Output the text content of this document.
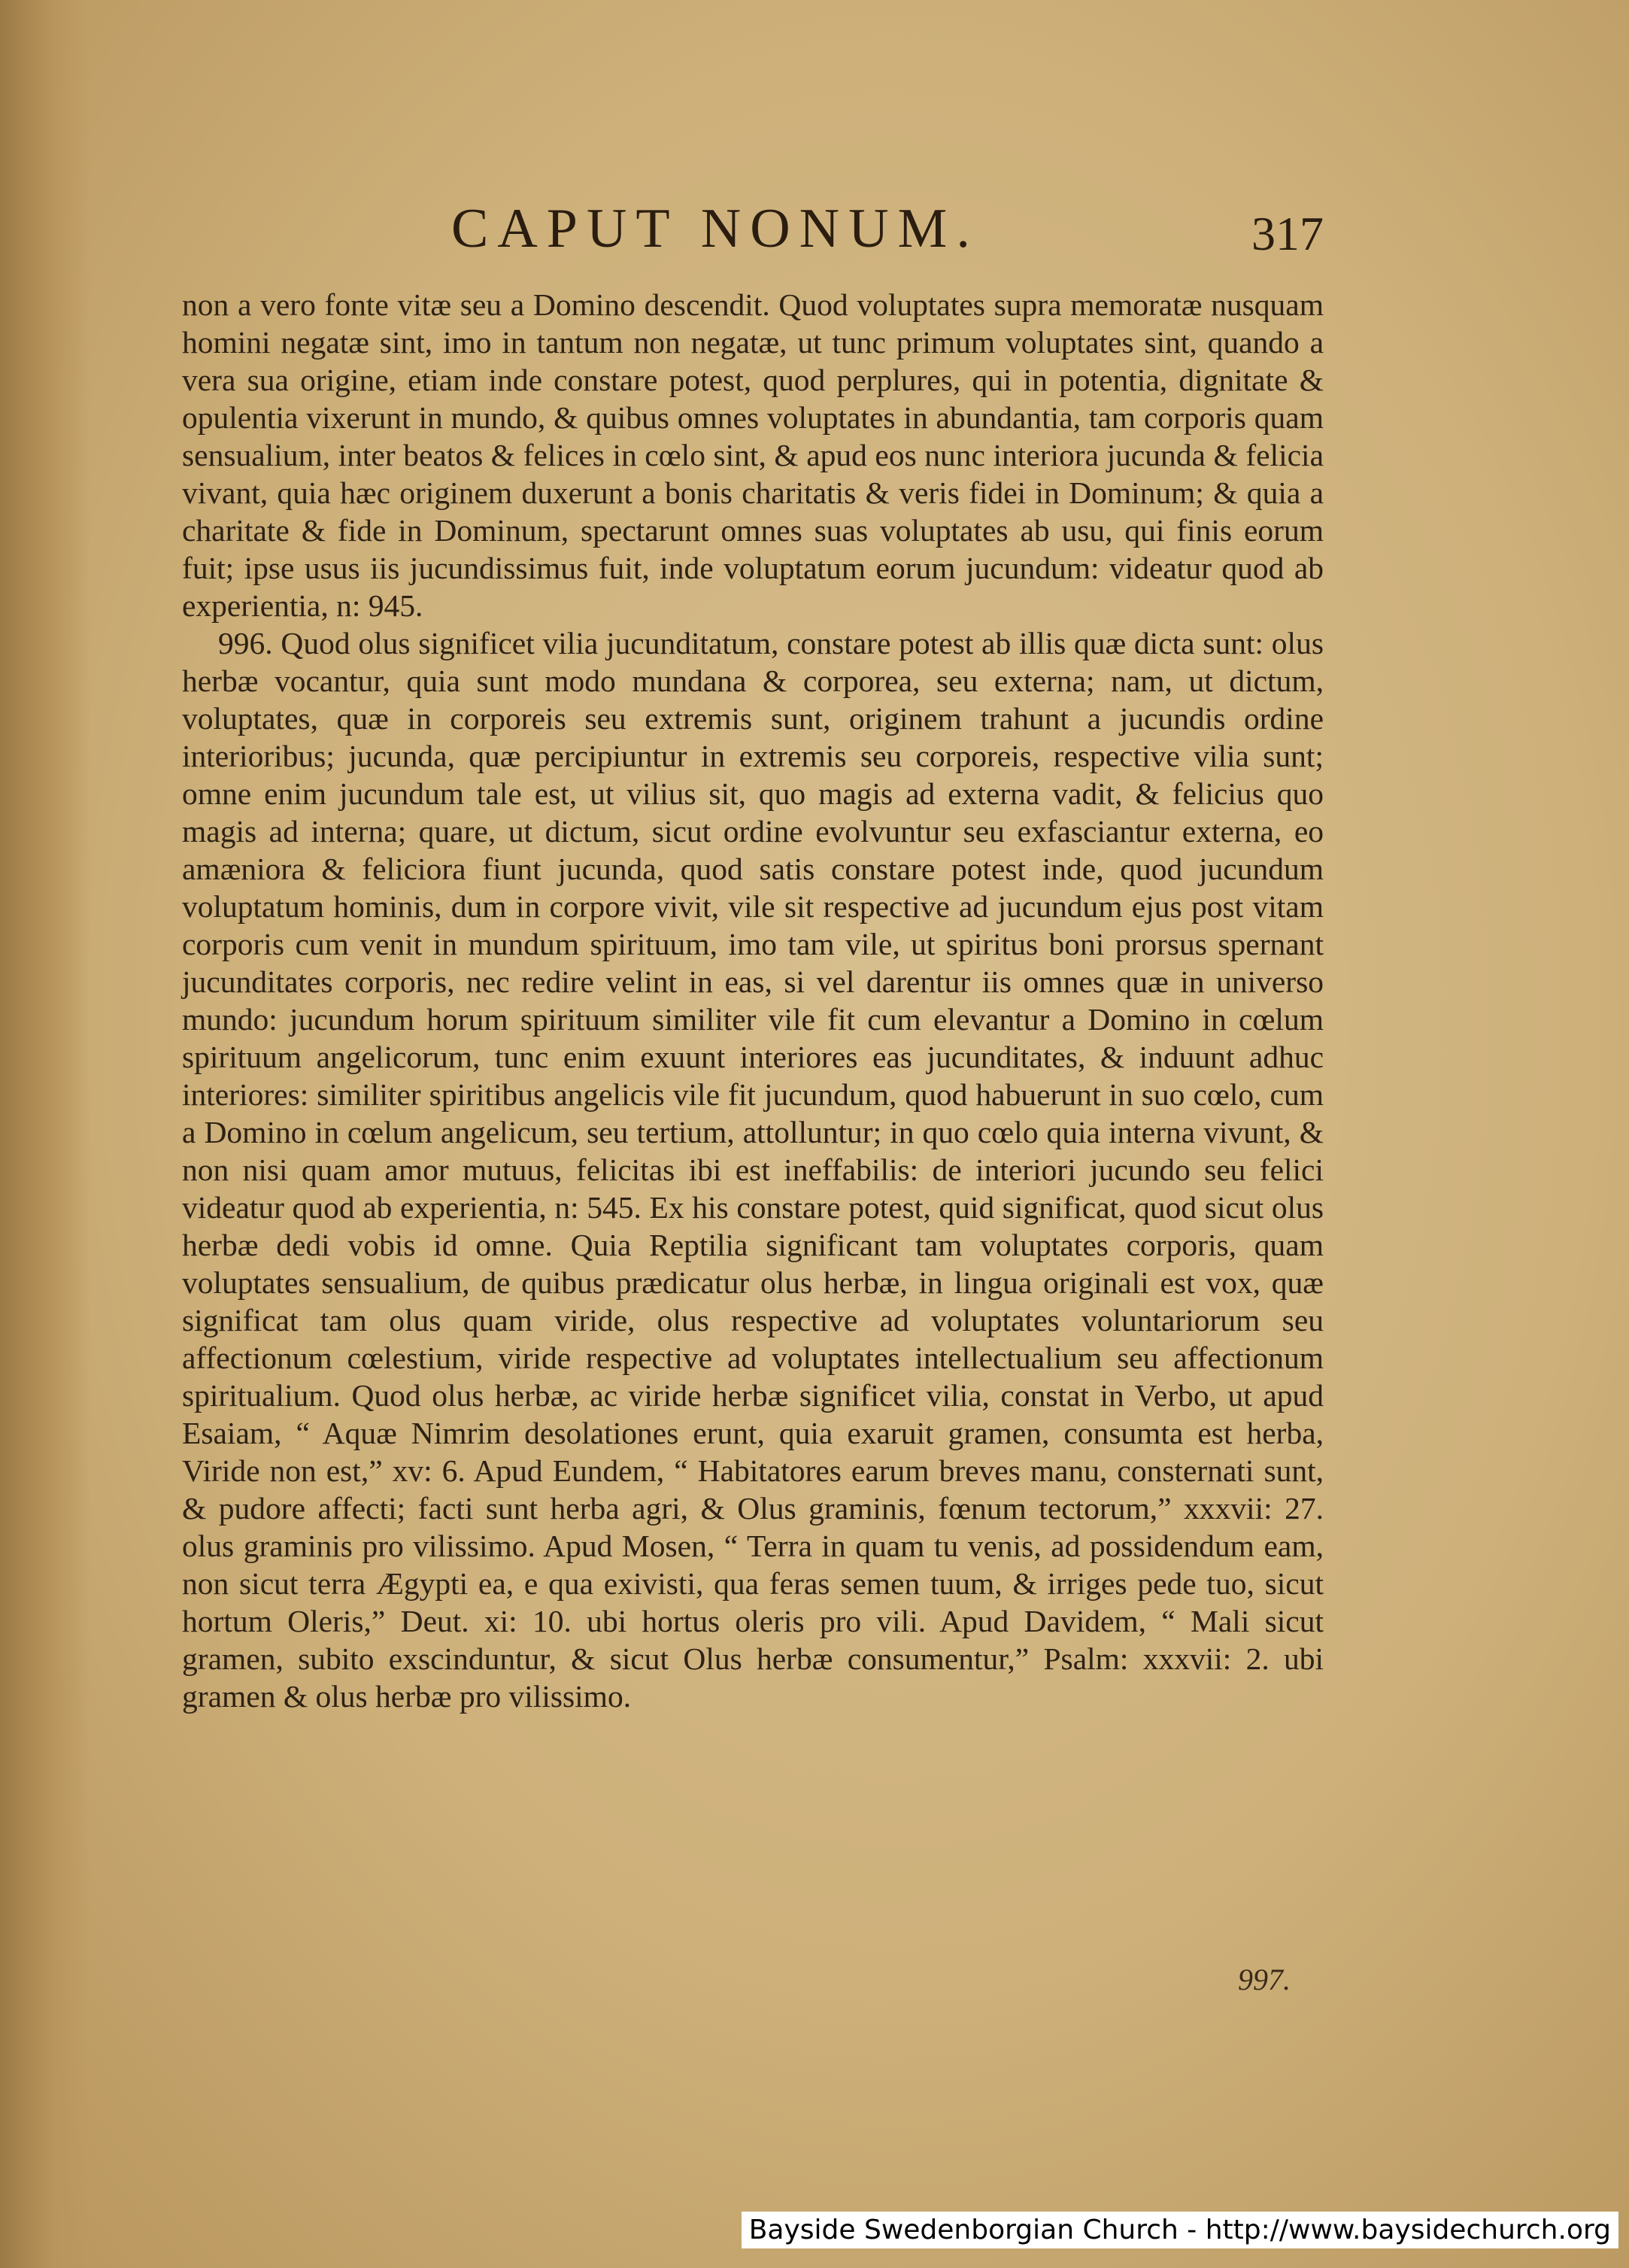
CAPUT NONUM.	317

non a vero fonte vitæ seu a Domino descendit. Quod voluptates supra memoratæ nusquam homini negatæ sint, imo in tantum non negatæ, ut tunc primum voluptates sint, quando a vera sua origine, etiam inde constare potest, quod perplures, qui in potentia, dignitate & opulentia vixerunt in mundo, & quibus omnes voluptates in abundantia, tam corporis quam sensualium, inter beatos & felices in cœlo sint, & apud eos nunc interiora jucunda & felicia vivant, quia hæc originem duxerunt a bonis charitatis & veris fidei in Dominum; & quia a charitate & fide in Dominum, spectarunt omnes suas voluptates ab usu, qui finis eorum fuit; ipse usus iis jucundissimus fuit, inde voluptatum eorum jucundum: videatur quod ab experientia, n: 945.

996. Quod olus significet vilia jucunditatum, constare potest ab illis quæ dicta sunt: olus herbæ vocantur, quia sunt modo mundana & corporea, seu externa; nam, ut dictum, voluptates, quæ in corporeis seu extremis sunt, originem trahunt a jucundis ordine interioribus; jucunda, quæ percipiuntur in extremis seu corporeis, respective vilia sunt; omne enim jucundum tale est, ut vilius sit, quo magis ad externa vadit, & felicius quo magis ad interna; quare, ut dictum, sicut ordine evolvuntur seu exfasciantur externa, eo amæniora & feliciora fiunt jucunda, quod satis constare potest inde, quod jucundum voluptatum hominis, dum in corpore vivit, vile sit respective ad jucundum ejus post vitam corporis cum venit in mundum spirituum, imo tam vile, ut spiritus boni prorsus spernant jucunditates corporis, nec redire velint in eas, si vel darentur iis omnes quæ in universo mundo: jucundum horum spirituum similiter vile fit cum elevantur a Domino in cœlum spirituum angelicorum, tunc enim exuunt interiores eas jucunditates, & induunt adhuc interiores: similiter spiritibus angelicis vile fit jucundum, quod habuerunt in suo cœlo, cum a Domino in cœlum angelicum, seu tertium, attolluntur; in quo cœlo quia interna vivunt, & non nisi quam amor mutuus, felicitas ibi est ineffabilis: de interiori jucundo seu felici videatur quod ab experientia, n: 545. Ex his constare potest, quid significat, quod sicut olus herbæ dedi vobis id omne. Quia Reptilia significant tam voluptates corporis, quam voluptates sensualium, de quibus prædicatur olus herbæ, in lingua originali est vox, quæ significat tam olus quam viride, olus respective ad voluptates voluntariorum seu affectionum cœlestium, viride respective ad voluptates intellectualium seu affectionum spiritualium. Quod olus herbæ, ac viride herbæ significet vilia, constat in Verbo, ut apud Esaiam, “ Aquæ Nimrim desolationes erunt, quia exaruit gramen, consumta est herba, Viride non est,” xv: 6. Apud Eundem, “ Habitatores earum breves manu, consternati sunt, & pudore affecti; facti sunt herba agri, & Olus graminis, fœnum tectorum,” xxxvii: 27. olus graminis pro vilissimo. Apud Mosen, “ Terra in quam tu venis, ad possidendum eam, non sicut terra Ægypti ea, e qua exivisti, qua feras semen tuum, & irriges pede tuo, sicut hortum Oleris,” Deut. xi: 10. ubi hortus oleris pro vili. Apud Davidem, “ Mali sicut gramen, subito exscinduntur, & sicut Olus herbæ consumentur,” Psalm: xxxvii: 2. ubi gramen & olus herbæ pro vilissimo.

997.
Bayside Swedenborgian Church - http://www.baysidechurch.org
